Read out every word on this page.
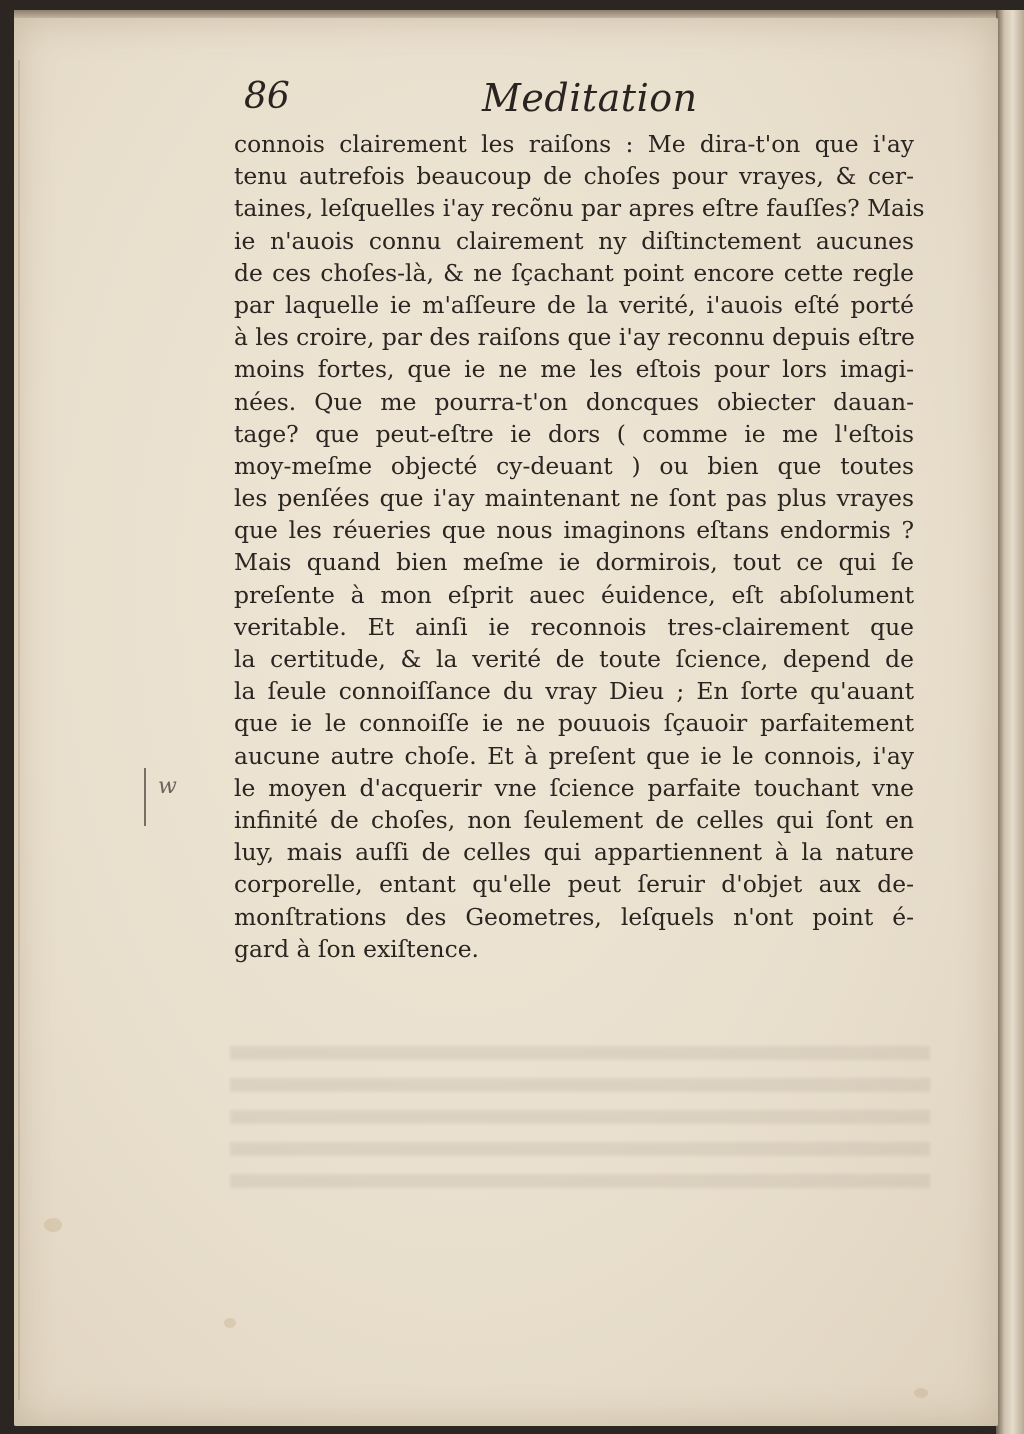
86	Meditation
connois clairement les raiſons : Me dira-t'on que i'ay
tenu autrefois beaucoup de choſes pour vrayes, & cer-
taines, leſquelles i'ay recõnu par apres eſtre fauſſes? Mais
ie n'auois connu clairement ny diſtinctement aucunes
de ces choſes-là, & ne ſçachant point encore cette regle
par laquelle ie m'aſſeure de la verité, i'auois eſté porté
à les croire, par des raiſons que i'ay reconnu depuis eſtre
moins fortes, que ie ne me les eſtois pour lors imagi-
nées. Que me pourra-t'on doncques obiecter dauan-
tage? que peut-eſtre ie dors ( comme ie me l'eſtois
moy-meſme objecté cy-deuant ) ou bien que toutes
les penſées que i'ay maintenant ne ſont pas plus vrayes
que les réueries que nous imaginons eſtans endormis ?
Mais quand bien meſme ie dormirois, tout ce qui ſe
preſente à mon eſprit auec éuidence, eſt abſolument
veritable. Et ainſi ie reconnois tres-clairement que
la certitude, & la verité de toute ſcience, depend de
la ſeule connoiſſance du vray Dieu ; En ſorte qu'auant
que ie le connoiſſe ie ne pouuois ſçauoir parfaitement
aucune autre choſe. Et à preſent que ie le connois, i'ay
le moyen d'acquerir vne ſcience parfaite touchant vne
infinité de choſes, non ſeulement de celles qui ſont en
luy, mais auſſi de celles qui appartiennent à la nature
corporelle, entant qu'elle peut ſeruir d'objet aux de-
monſtrations des Geometres, leſquels n'ont point é-
gard à ſon exiſtence.
w
